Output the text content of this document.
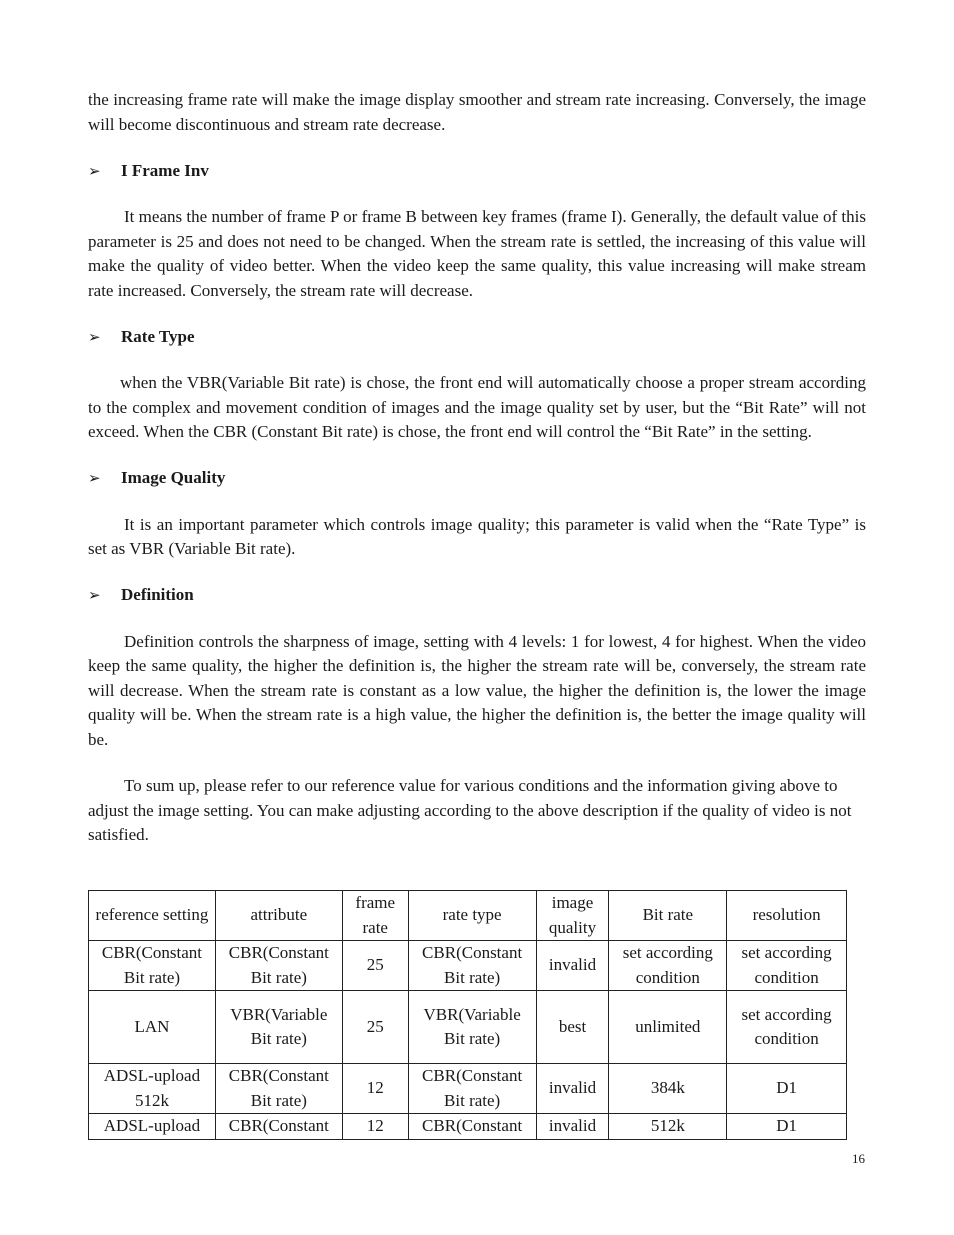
the increasing frame rate will make the image display smoother and stream rate increasing. Conversely, the image will become discontinuous and stream rate decrease.

➢	I Frame Inv

It means the number of frame P or frame B between key frames (frame I). Generally, the default value of this parameter is 25 and does not need to be changed. When the stream rate is settled, the increasing of this value will make the quality of video better. When the video keep the same quality, this value increasing will make stream rate increased. Conversely, the stream rate will decrease.

➢	Rate Type

when the VBR(Variable Bit rate) is chose, the front end will automatically choose a proper stream according to the complex and movement condition of images and the image quality set by user, but the “Bit Rate” will not exceed. When the CBR (Constant Bit rate) is chose, the front end will control the “Bit Rate” in the setting.

➢	Image Quality

It is an important parameter which controls image quality; this parameter is valid when the “Rate Type” is set as VBR (Variable Bit rate).

➢	Definition

Definition controls the sharpness of image, setting with 4 levels: 1 for lowest, 4 for highest. When the video keep the same quality, the higher the definition is, the higher the stream rate will be, conversely, the stream rate will decrease. When the stream rate is constant as a low value, the higher the definition is, the lower the image quality will be. When the stream rate is a high value, the higher the definition is, the better the image quality will be.

To sum up, please refer to our reference value for various conditions and the information giving above to adjust the image setting. You can make adjusting according to the above description if the quality of video is not satisfied.

reference setting	attribute	frame rate	rate type	image quality	Bit rate	resolution
CBR(Constant Bit rate)	CBR(Constant Bit rate)	25	CBR(Constant Bit rate)	invalid	set according condition	set according condition
LAN	VBR(Variable Bit rate)	25	VBR(Variable Bit rate)	best	unlimited	set according condition
ADSL-upload 512k	CBR(Constant Bit rate)	12	CBR(Constant Bit rate)	invalid	384k	D1
ADSL-upload	CBR(Constant	12	CBR(Constant	invalid	512k	D1
16
